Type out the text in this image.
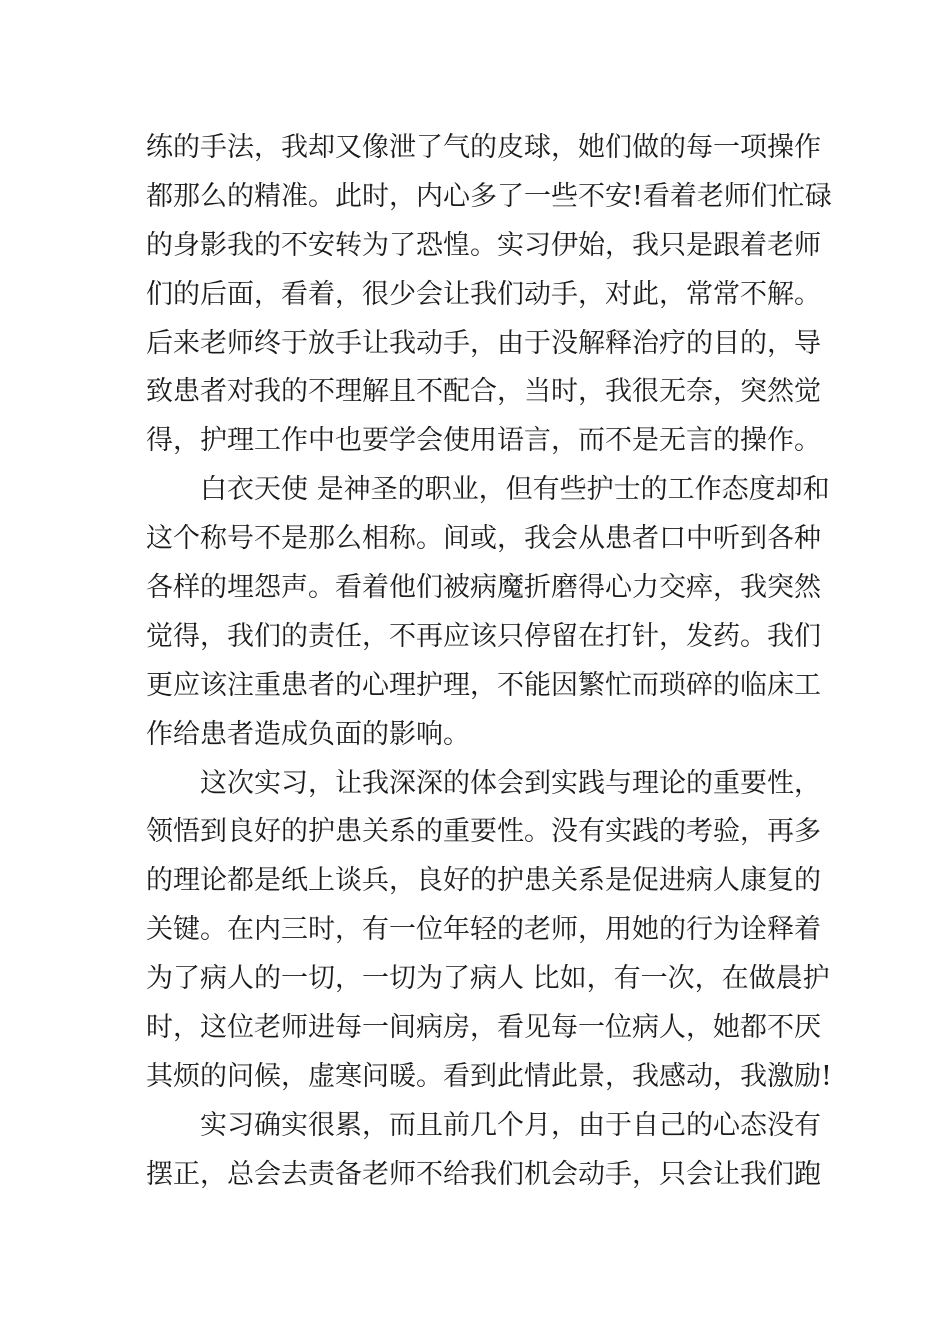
练的手法，我却又像泄了气的皮球，她们做的每一项操作
都那么的精准。此时，内心多了一些不安!看着老师们忙碌
的身影我的不安转为了恐惶。实习伊始，我只是跟着老师
们的后面，看着，很少会让我们动手，对此，常常不解。
后来老师终于放手让我动手，由于没解释治疗的目的，导
致患者对我的不理解且不配合，当时，我很无奈，突然觉
得，护理工作中也要学会使用语言，而不是无言的操作。
　　白衣天使 是神圣的职业，但有些护士的工作态度却和
这个称号不是那么相称。间或，我会从患者口中听到各种
各样的埋怨声。看着他们被病魔折磨得心力交瘁，我突然
觉得，我们的责任，不再应该只停留在打针，发药。我们
更应该注重患者的心理护理，不能因繁忙而琐碎的临床工
作给患者造成负面的影响。
　　这次实习，让我深深的体会到实践与理论的重要性，
领悟到良好的护患关系的重要性。没有实践的考验，再多
的理论都是纸上谈兵，良好的护患关系是促进病人康复的
关键。在内三时，有一位年轻的老师，用她的行为诠释着
为了病人的一切，一切为了病人 比如，有一次，在做晨护
时，这位老师进每一间病房，看见每一位病人，她都不厌
其烦的问候，虚寒问暖。看到此情此景，我感动，我激励!
　　实习确实很累，而且前几个月，由于自己的心态没有
摆正，总会去责备老师不给我们机会动手，只会让我们跑
